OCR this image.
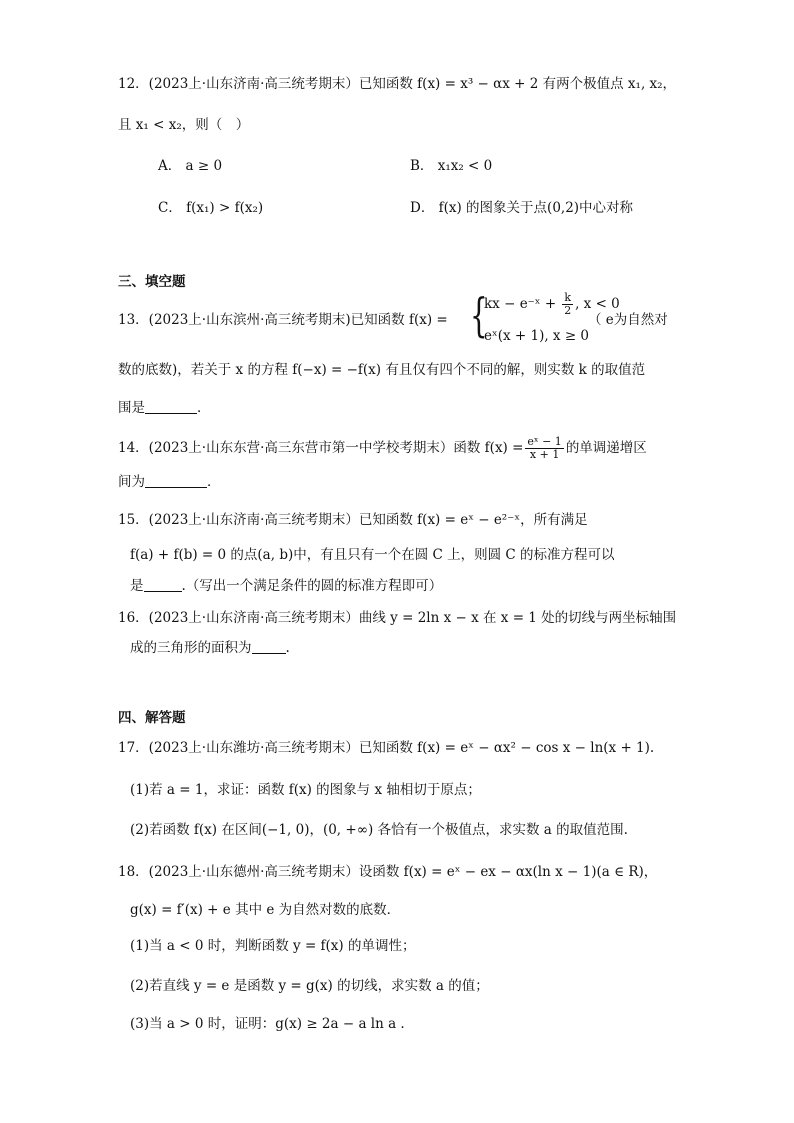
12．(2023上·山东济南·高三统考期末）已知函数 f(x) = x³ − αx + 2 有两个极值点 x₁, x₂，
且 x₁ < x₂，则（　）
A． a ≥ 0	B． x₁x₂ < 0
C． f(x₁) > f(x₂)	D． f(x) 的图象关于点(0,2)中心对称
三、填空题
13．(2023上·山东滨州·高三统考期末)已知函数 f(x) = {
kx − e⁻ˣ + $\frac{k}{2}$ , x < 0
eˣ(x + 1), x ≥ 0
（ e为自然对
数的底数)，若关于 x 的方程 f(−x) = −f(x) 有且仅有四个不同的解，则实数 k 的取值范
围是	．
14．(2023上·山东东营·高三东营市第一中学校考期末）函数 $f(x) = \frac{\text{eˣ − 1}}{x + 1}$ 的单调递增区
间为	．
15．(2023上·山东济南·高三统考期末）已知函数 f(x) = eˣ − e²⁻ˣ，所有满足
f(a) + f(b) = 0 的点(a, b)中，有且只有一个在圆 C 上，则圆 C 的标准方程可以
是	.（写出一个满足条件的圆的标准方程即可）
16．(2023上·山东济南·高三统考期末）曲线 y = 2ln x − x 在 x = 1 处的切线与两坐标轴围
成的三角形的面积为	.
四、解答题
17．(2023上·山东潍坊·高三统考期末）已知函数 f(x) = eˣ − αx² − cos x − ln(x + 1).
(1)若 a = 1，求证：函数 f(x) 的图象与 x 轴相切于原点；
(2)若函数 f(x) 在区间(−1, 0)，(0, +∞) 各恰有一个极值点，求实数 a 的取值范围.
18．(2023上·山东德州·高三统考期末）设函数 f(x) = eˣ − ex − αx(ln x − 1)(a ∈ R)，
g(x) = f′(x) + e 其中 e 为自然对数的底数．
(1)当 a < 0 时，判断函数 y = f(x) 的单调性；
(2)若直线 y = e 是函数 y = g(x) 的切线，求实数 a 的值；
(3)当 a > 0 时，证明：g(x) ≥ 2a − a ln a .
